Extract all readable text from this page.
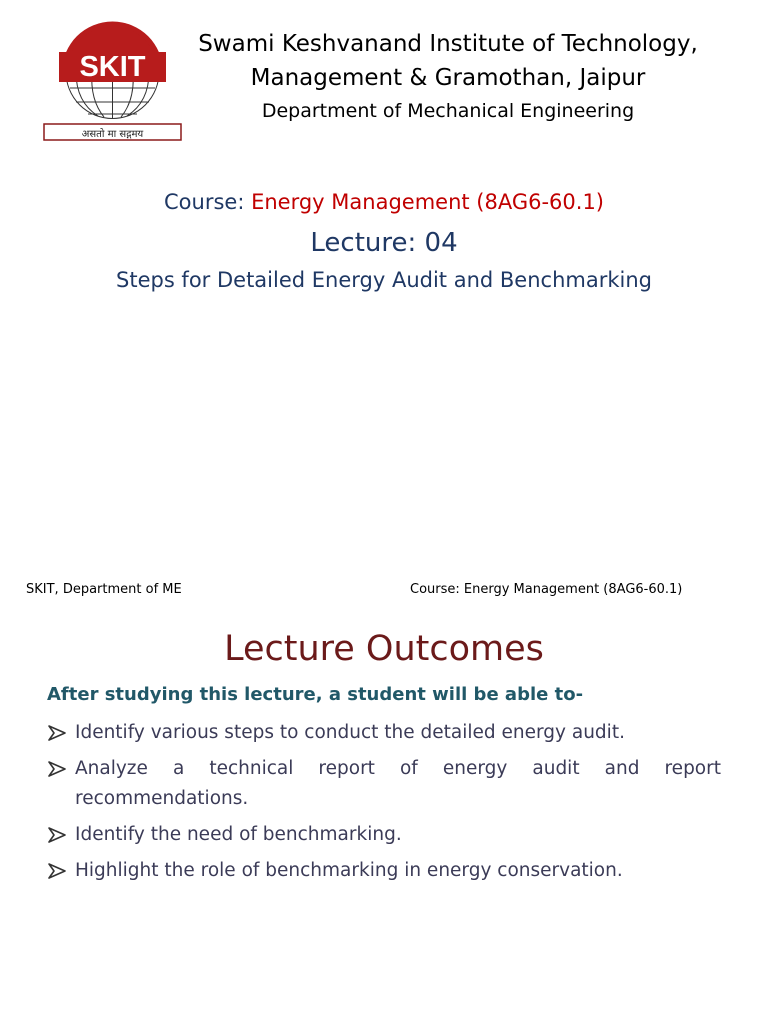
SKIT
असतो मा सद्गमय
Swami Keshvanand Institute of Technology,
Management & Gramothan, Jaipur
Department of Mechanical Engineering
Course: Energy Management (8AG6-60.1)
Lecture: 04
Steps for Detailed Energy Audit and Benchmarking
SKIT, Department of ME	Course: Energy Management (8AG6-60.1)
Lecture Outcomes
After studying this lecture, a student will be able to-
Identify various steps to conduct the detailed energy audit.
Analyze a technical report of energy audit and report recommendations.
Identify the need of benchmarking.
Highlight the role of benchmarking in energy conservation.
